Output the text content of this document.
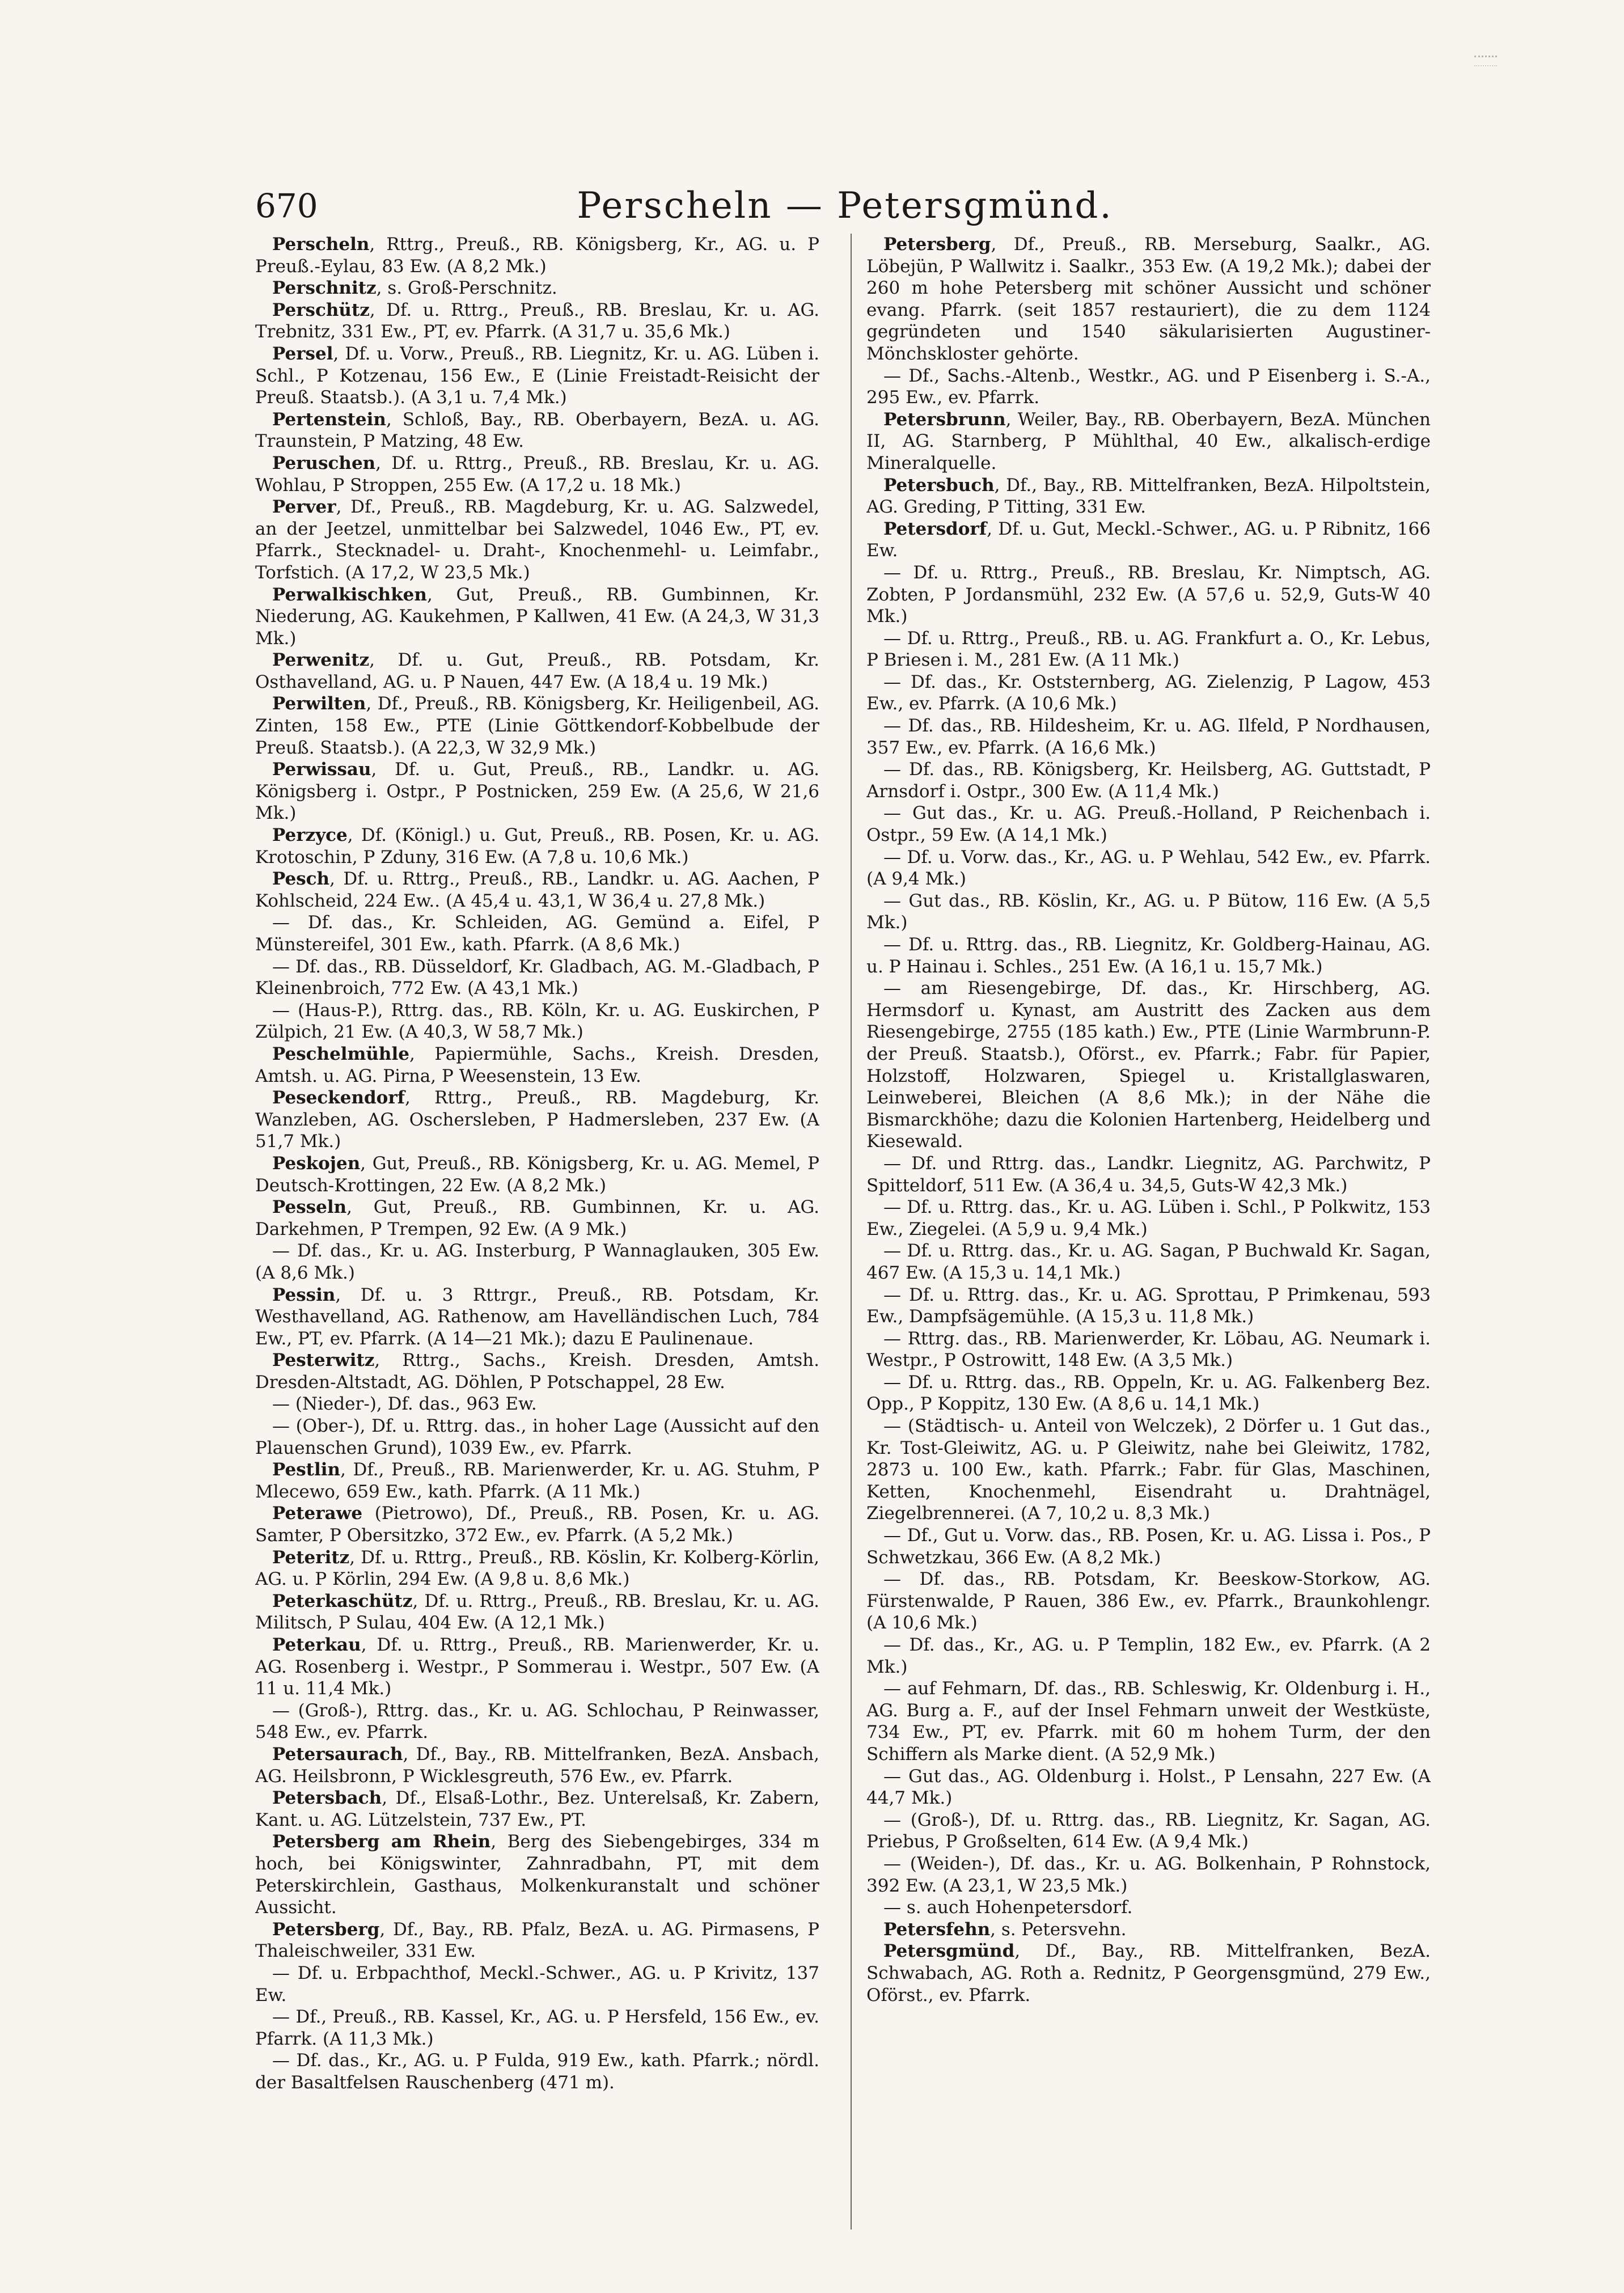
670	Perscheln — Petersgmünd.

Perscheln, Rttrg., Preuß., RB. Königsberg, Kr., AG. u. P Preuß.-Eylau, 83 Ew. (A 8,2 Mk.)

Perschnitz, s. Groß-Perschnitz.

Perschütz, Df. u. Rttrg., Preuß., RB. Breslau, Kr. u. AG. Trebnitz, 331 Ew., PT, ev. Pfarrk. (A 31,7 u. 35,6 Mk.)

Persel, Df. u. Vorw., Preuß., RB. Liegnitz, Kr. u. AG. Lüben i. Schl., P Kotzenau, 156 Ew., E (Linie Freistadt-Reisicht der Preuß. Staatsb.). (A 3,1 u. 7,4 Mk.)

Pertenstein, Schloß, Bay., RB. Oberbayern, BezA. u. AG. Traunstein, P Matzing, 48 Ew.

Peruschen, Df. u. Rttrg., Preuß., RB. Breslau, Kr. u. AG. Wohlau, P Stroppen, 255 Ew. (A 17,2 u. 18 Mk.)

Perver, Df., Preuß., RB. Magdeburg, Kr. u. AG. Salzwedel, an der Jeetzel, unmittelbar bei Salzwedel, 1046 Ew., PT, ev. Pfarrk., Stecknadel- u. Draht-, Knochenmehl- u. Leimfabr., Torfstich. (A 17,2, W 23,5 Mk.)

Perwalkischken, Gut, Preuß., RB. Gumbinnen, Kr. Niederung, AG. Kaukehmen, P Kallwen, 41 Ew. (A 24,3, W 31,3 Mk.)

Perwenitz, Df. u. Gut, Preuß., RB. Potsdam, Kr. Osthavelland, AG. u. P Nauen, 447 Ew. (A 18,4 u. 19 Mk.)

Perwilten, Df., Preuß., RB. Königsberg, Kr. Heiligenbeil, AG. Zinten, 158 Ew., PTE (Linie Göttkendorf-Kobbelbude der Preuß. Staatsb.). (A 22,3, W 32,9 Mk.)

Perwissau, Df. u. Gut, Preuß., RB., Landkr. u. AG. Königsberg i. Ostpr., P Postnicken, 259 Ew. (A 25,6, W 21,6 Mk.)

Perzyce, Df. (Königl.) u. Gut, Preuß., RB. Posen, Kr. u. AG. Krotoschin, P Zduny, 316 Ew. (A 7,8 u. 10,6 Mk.)

Pesch, Df. u. Rttrg., Preuß., RB., Landkr. u. AG. Aachen, P Kohlscheid, 224 Ew.. (A 45,4 u. 43,1, W 36,4 u. 27,8 Mk.)

— Df. das., Kr. Schleiden, AG. Gemünd a. Eifel, P Münstereifel, 301 Ew., kath. Pfarrk. (A 8,6 Mk.)

— Df. das., RB. Düsseldorf, Kr. Gladbach, AG. M.-Gladbach, P Kleinenbroich, 772 Ew. (A 43,1 Mk.)

— (Haus-P.), Rttrg. das., RB. Köln, Kr. u. AG. Euskirchen, P Zülpich, 21 Ew. (A 40,3, W 58,7 Mk.)

Peschelmühle, Papiermühle, Sachs., Kreish. Dresden, Amtsh. u. AG. Pirna, P Weesenstein, 13 Ew.

Peseckendorf, Rttrg., Preuß., RB. Magdeburg, Kr. Wanzleben, AG. Oschersleben, P Hadmersleben, 237 Ew. (A 51,7 Mk.)

Peskojen, Gut, Preuß., RB. Königsberg, Kr. u. AG. Memel, P Deutsch-Krottingen, 22 Ew. (A 8,2 Mk.)

Pesseln, Gut, Preuß., RB. Gumbinnen, Kr. u. AG. Darkehmen, P Trempen, 92 Ew. (A 9 Mk.)

— Df. das., Kr. u. AG. Insterburg, P Wannaglauken, 305 Ew. (A 8,6 Mk.)

Pessin, Df. u. 3 Rttrgr., Preuß., RB. Potsdam, Kr. Westhavelland, AG. Rathenow, am Havelländischen Luch, 784 Ew., PT, ev. Pfarrk. (A 14—21 Mk.); dazu E Paulinenaue.

Pesterwitz, Rttrg., Sachs., Kreish. Dresden, Amtsh. Dresden-Altstadt, AG. Döhlen, P Potschappel, 28 Ew.

— (Nieder-), Df. das., 963 Ew.

— (Ober-), Df. u. Rttrg. das., in hoher Lage (Aussicht auf den Plauenschen Grund), 1039 Ew., ev. Pfarrk.

Pestlin, Df., Preuß., RB. Marienwerder, Kr. u. AG. Stuhm, P Mlecewo, 659 Ew., kath. Pfarrk. (A 11 Mk.)

Peterawe (Pietrowo), Df., Preuß., RB. Posen, Kr. u. AG. Samter, P Obersitzko, 372 Ew., ev. Pfarrk. (A 5,2 Mk.)

Peteritz, Df. u. Rttrg., Preuß., RB. Köslin, Kr. Kolberg-Körlin, AG. u. P Körlin, 294 Ew. (A 9,8 u. 8,6 Mk.)

Peterkaschütz, Df. u. Rttrg., Preuß., RB. Breslau, Kr. u. AG. Militsch, P Sulau, 404 Ew. (A 12,1 Mk.)

Peterkau, Df. u. Rttrg., Preuß., RB. Marienwerder, Kr. u. AG. Rosenberg i. Westpr., P Sommerau i. Westpr., 507 Ew. (A 11 u. 11,4 Mk.)

— (Groß-), Rttrg. das., Kr. u. AG. Schlochau, P Reinwasser, 548 Ew., ev. Pfarrk.

Petersaurach, Df., Bay., RB. Mittelfranken, BezA. Ansbach, AG. Heilsbronn, P Wicklesgreuth, 576 Ew., ev. Pfarrk.

Petersbach, Df., Elsaß-Lothr., Bez. Unterelsaß, Kr. Zabern, Kant. u. AG. Lützelstein, 737 Ew., PT.

Petersberg am Rhein, Berg des Siebengebirges, 334 m hoch, bei Königswinter, Zahnradbahn, PT, mit dem Peterskirchlein, Gasthaus, Molkenkuranstalt und schöner Aussicht.

Petersberg, Df., Bay., RB. Pfalz, BezA. u. AG. Pirmasens, P Thaleischweiler, 331 Ew.

— Df. u. Erbpachthof, Meckl.-Schwer., AG. u. P Krivitz, 137 Ew.

— Df., Preuß., RB. Kassel, Kr., AG. u. P Hersfeld, 156 Ew., ev. Pfarrk. (A 11,3 Mk.)

— Df. das., Kr., AG. u. P Fulda, 919 Ew., kath. Pfarrk.; nördl. der Basaltfelsen Rauschenberg (471 m).

Petersberg, Df., Preuß., RB. Merseburg, Saalkr., AG. Löbejün, P Wallwitz i. Saalkr., 353 Ew. (A 19,2 Mk.); dabei der 260 m hohe Petersberg mit schöner Aussicht und schöner evang. Pfarrk. (seit 1857 restauriert), die zu dem 1124 gegründeten und 1540 säkularisierten Augustiner-Mönchskloster gehörte.

— Df., Sachs.-Altenb., Westkr., AG. und P Eisenberg i. S.-A., 295 Ew., ev. Pfarrk.

Petersbrunn, Weiler, Bay., RB. Oberbayern, BezA. München II, AG. Starnberg, P Mühlthal, 40 Ew., alkalisch-erdige Mineralquelle.

Petersbuch, Df., Bay., RB. Mittelfranken, BezA. Hilpoltstein, AG. Greding, P Titting, 331 Ew.

Petersdorf, Df. u. Gut, Meckl.-Schwer., AG. u. P Ribnitz, 166 Ew.

— Df. u. Rttrg., Preuß., RB. Breslau, Kr. Nimptsch, AG. Zobten, P Jordansmühl, 232 Ew. (A 57,6 u. 52,9, Guts-W 40 Mk.)

— Df. u. Rttrg., Preuß., RB. u. AG. Frankfurt a. O., Kr. Lebus, P Briesen i. M., 281 Ew. (A 11 Mk.)

— Df. das., Kr. Oststernberg, AG. Zielenzig, P Lagow, 453 Ew., ev. Pfarrk. (A 10,6 Mk.)

— Df. das., RB. Hildesheim, Kr. u. AG. Ilfeld, P Nordhausen, 357 Ew., ev. Pfarrk. (A 16,6 Mk.)

— Df. das., RB. Königsberg, Kr. Heilsberg, AG. Guttstadt, P Arnsdorf i. Ostpr., 300 Ew. (A 11,4 Mk.)

— Gut das., Kr. u. AG. Preuß.-Holland, P Reichenbach i. Ostpr., 59 Ew. (A 14,1 Mk.)

— Df. u. Vorw. das., Kr., AG. u. P Wehlau, 542 Ew., ev. Pfarrk. (A 9,4 Mk.)

— Gut das., RB. Köslin, Kr., AG. u. P Bütow, 116 Ew. (A 5,5 Mk.)

— Df. u. Rttrg. das., RB. Liegnitz, Kr. Goldberg-Hainau, AG. u. P Hainau i. Schles., 251 Ew. (A 16,1 u. 15,7 Mk.)

— am Riesengebirge, Df. das., Kr. Hirschberg, AG. Hermsdorf u. Kynast, am Austritt des Zacken aus dem Riesengebirge, 2755 (185 kath.) Ew., PTE (Linie Warmbrunn-P. der Preuß. Staatsb.), Oförst., ev. Pfarrk.; Fabr. für Papier, Holzstoff, Holzwaren, Spiegel u. Kristallglaswaren, Leinweberei, Bleichen (A 8,6 Mk.); in der Nähe die Bismarckhöhe; dazu die Kolonien Hartenberg, Heidelberg und Kiesewald.

— Df. und Rttrg. das., Landkr. Liegnitz, AG. Parchwitz, P Spitteldorf, 511 Ew. (A 36,4 u. 34,5, Guts-W 42,3 Mk.)

— Df. u. Rttrg. das., Kr. u. AG. Lüben i. Schl., P Polkwitz, 153 Ew., Ziegelei. (A 5,9 u. 9,4 Mk.)

— Df. u. Rttrg. das., Kr. u. AG. Sagan, P Buchwald Kr. Sagan, 467 Ew. (A 15,3 u. 14,1 Mk.)

— Df. u. Rttrg. das., Kr. u. AG. Sprottau, P Primkenau, 593 Ew., Dampfsägemühle. (A 15,3 u. 11,8 Mk.)

— Rttrg. das., RB. Marienwerder, Kr. Löbau, AG. Neumark i. Westpr., P Ostrowitt, 148 Ew. (A 3,5 Mk.)

— Df. u. Rttrg. das., RB. Oppeln, Kr. u. AG. Falkenberg Bez. Opp., P Koppitz, 130 Ew. (A 8,6 u. 14,1 Mk.)

— (Städtisch- u. Anteil von Welczek), 2 Dörfer u. 1 Gut das., Kr. Tost-Gleiwitz, AG. u. P Gleiwitz, nahe bei Gleiwitz, 1782, 2873 u. 100 Ew., kath. Pfarrk.; Fabr. für Glas, Maschinen, Ketten, Knochenmehl, Eisendraht u. Drahtnägel, Ziegelbrennerei. (A 7, 10,2 u. 8,3 Mk.)

— Df., Gut u. Vorw. das., RB. Posen, Kr. u. AG. Lissa i. Pos., P Schwetzkau, 366 Ew. (A 8,2 Mk.)

— Df. das., RB. Potsdam, Kr. Beeskow-Storkow, AG. Fürstenwalde, P Rauen, 386 Ew., ev. Pfarrk., Braunkohlengr. (A 10,6 Mk.)

— Df. das., Kr., AG. u. P Templin, 182 Ew., ev. Pfarrk. (A 2 Mk.)

— auf Fehmarn, Df. das., RB. Schleswig, Kr. Oldenburg i. H., AG. Burg a. F., auf der Insel Fehmarn unweit der Westküste, 734 Ew., PT, ev. Pfarrk. mit 60 m hohem Turm, der den Schiffern als Marke dient. (A 52,9 Mk.)

— Gut das., AG. Oldenburg i. Holst., P Lensahn, 227 Ew. (A 44,7 Mk.)

— (Groß-), Df. u. Rttrg. das., RB. Liegnitz, Kr. Sagan, AG. Priebus, P Großselten, 614 Ew. (A 9,4 Mk.)

— (Weiden-), Df. das., Kr. u. AG. Bolkenhain, P Rohnstock, 392 Ew. (A 23,1, W 23,5 Mk.)

— s. auch Hohenpetersdorf.

Petersfehn, s. Petersvehn.

Petersgmünd, Df., Bay., RB. Mittelfranken, BezA. Schwabach, AG. Roth a. Rednitz, P Georgensgmünd, 279 Ew., Oförst., ev. Pfarrk.
